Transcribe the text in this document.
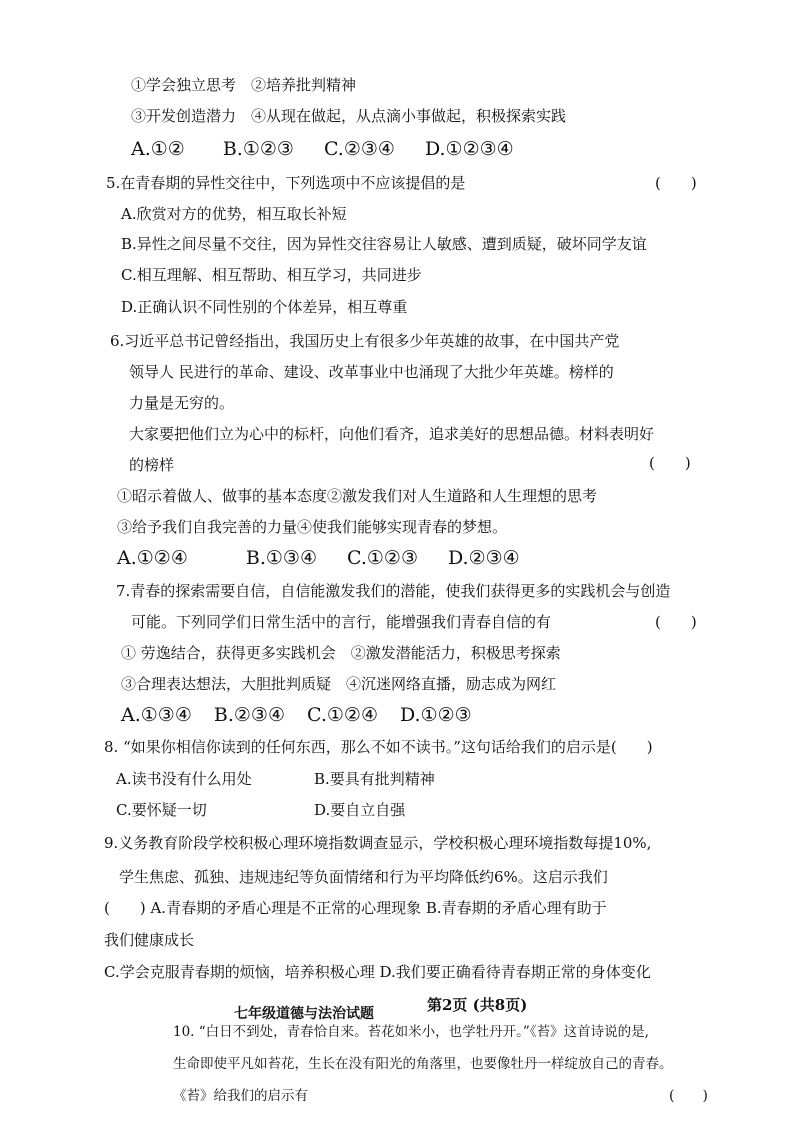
①学会独立思考　②培养批判精神
③开发创造潜力　④从现在做起，从点滴小事做起，积极探索实践
A.①② B.①②③ C.②③④ D.①②③④
5.在青春期的异性交往中，下列选项中不应该提倡的是	(　　)
A.欣赏对方的优势，相互取长补短
B.异性之间尽量不交往，因为异性交往容易让人敏感、遭到质疑，破坏同学友谊
C.相互理解、相互帮助、相互学习，共同进步
D.正确认识不同性别的个体差异，相互尊重
6.习近平总书记曾经指出，我国历史上有很多少年英雄的故事，在中国共产党
领导人 民进行的革命、建设、改革事业中也涌现了大批少年英雄。榜样的
力量是无穷的。
大家要把他们立为心中的标杆，向他们看齐，追求美好的思想品德。材料表明好
的榜样	(　　)
①昭示着做人、做事的基本态度②激发我们对人生道路和人生理想的思考
③给予我们自我完善的力量④使我们能够实现青春的梦想。
A.①②④	B.①③④ C.①②③ D.②③④
7.青春的探索需要自信，自信能激发我们的潜能，使我们获得更多的实践机会与创造
可能。下列同学们日常生活中的言行，能增强我们青春自信的有	(　　)
① 劳逸结合，获得更多实践机会　②激发潜能活力，积极思考探索
③合理表达想法，大胆批判质疑　④沉迷网络直播，励志成为网红
A.①③④ B.②③④ C.①②④ D.①②③
8. “如果你相信你读到的任何东西，那么不如不读书。”这句话给我们的启示是(　　)
A.读书没有什么用处	B.要具有批判精神
C.要怀疑一切	D.要自立自强
9.义务教育阶段学校积极心理环境指数调查显示，学校积极心理环境指数每提10%,
学生焦虑、孤独、违规违纪等负面情绪和行为平均降低约6%。这启示我们
(　　) A.青春期的矛盾心理是不正常的心理现象 B.青春期的矛盾心理有助于
我们健康成长
C.学会克服青春期的烦恼，培养积极心理 D.我们要正确看待青春期正常的身体变化
七年级道德与法治试题	第2页 (共8页)
10. “白日不到处，青春恰自来。苔花如米小，也学牡丹开。”《苔》这首诗说的是,
生命即使平凡如苔花，生长在没有阳光的角落里，也要像牡丹一样绽放自己的青春。
《苔》给我们的启示有	(　　)
